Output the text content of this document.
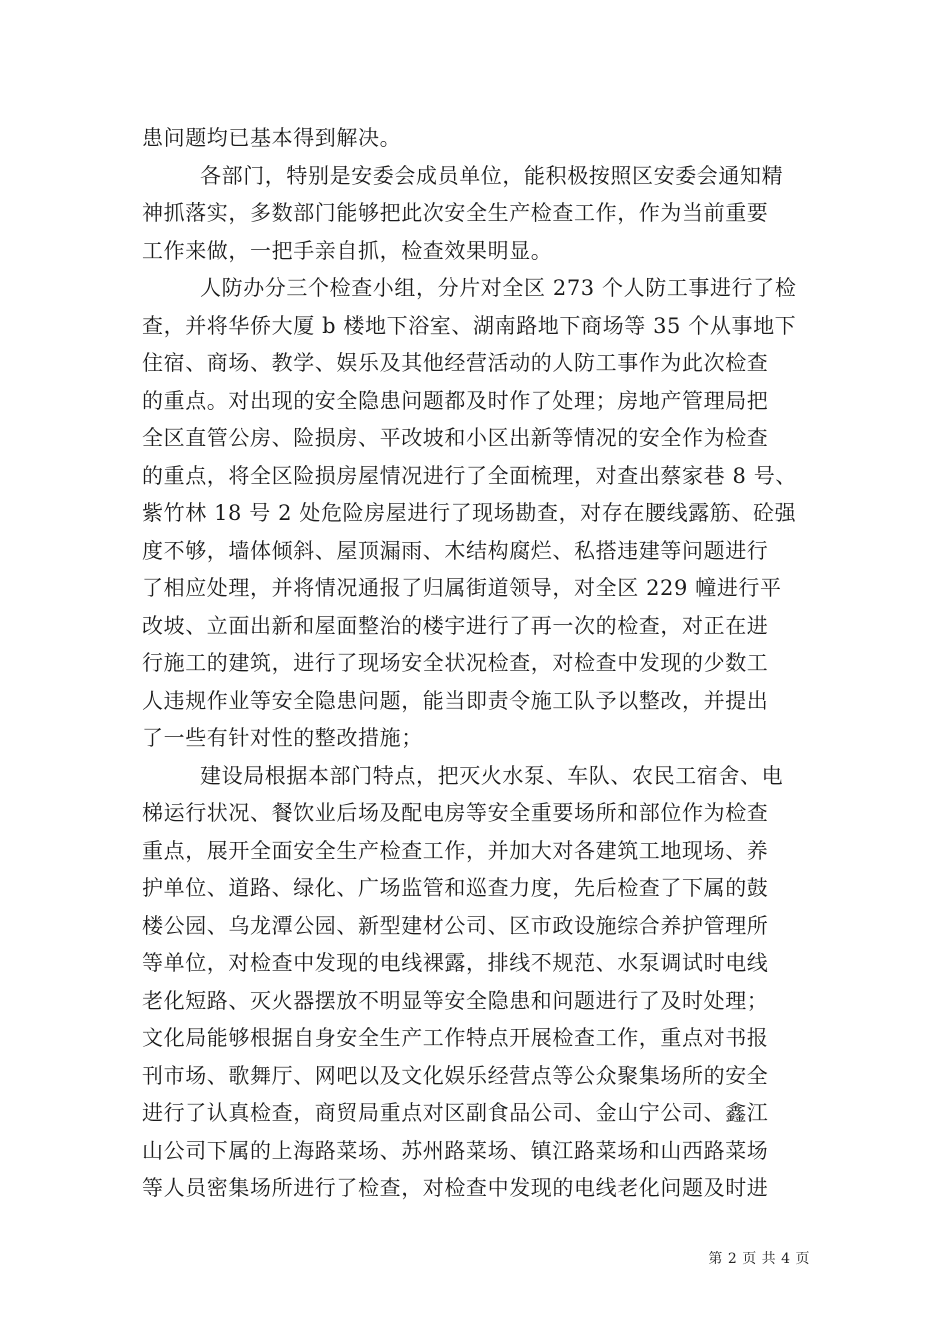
患问题均已基本得到解决。
各部门，特别是安委会成员单位，能积极按照区安委会通知精
神抓落实，多数部门能够把此次安全生产检查工作，作为当前重要
工作来做，一把手亲自抓，检查效果明显。
人防办分三个检查小组，分片对全区 273 个人防工事进行了检
查，并将华侨大厦 b 楼地下浴室、湖南路地下商场等 35 个从事地下
住宿、商场、教学、娱乐及其他经营活动的人防工事作为此次检查
的重点。对出现的安全隐患问题都及时作了处理；房地产管理局把
全区直管公房、险损房、平改坡和小区出新等情况的安全作为检查
的重点，将全区险损房屋情况进行了全面梳理，对查出蔡家巷 8 号、
紫竹林 18 号 2 处危险房屋进行了现场勘查，对存在腰线露筋、砼强
度不够，墙体倾斜、屋顶漏雨、木结构腐烂、私搭违建等问题进行
了相应处理，并将情况通报了归属街道领导，对全区 229 幢进行平
改坡、立面出新和屋面整治的楼宇进行了再一次的检查，对正在进
行施工的建筑，进行了现场安全状况检查，对检查中发现的少数工
人违规作业等安全隐患问题，能当即责令施工队予以整改，并提出
了一些有针对性的整改措施；
建设局根据本部门特点，把灭火水泵、车队、农民工宿舍、电
梯运行状况、餐饮业后场及配电房等安全重要场所和部位作为检查
重点，展开全面安全生产检查工作，并加大对各建筑工地现场、养
护单位、道路、绿化、广场监管和巡查力度，先后检查了下属的鼓
楼公园、乌龙潭公园、新型建材公司、区市政设施综合养护管理所
等单位，对检查中发现的电线裸露，排线不规范、水泵调试时电线
老化短路、灭火器摆放不明显等安全隐患和问题进行了及时处理；
文化局能够根据自身安全生产工作特点开展检查工作，重点对书报
刊市场、歌舞厅、网吧以及文化娱乐经营点等公众聚集场所的安全
进行了认真检查，商贸局重点对区副食品公司、金山宁公司、鑫江
山公司下属的上海路菜场、苏州路菜场、镇江路菜场和山西路菜场
等人员密集场所进行了检查，对检查中发现的电线老化问题及时进
第 2 页 共 4 页
